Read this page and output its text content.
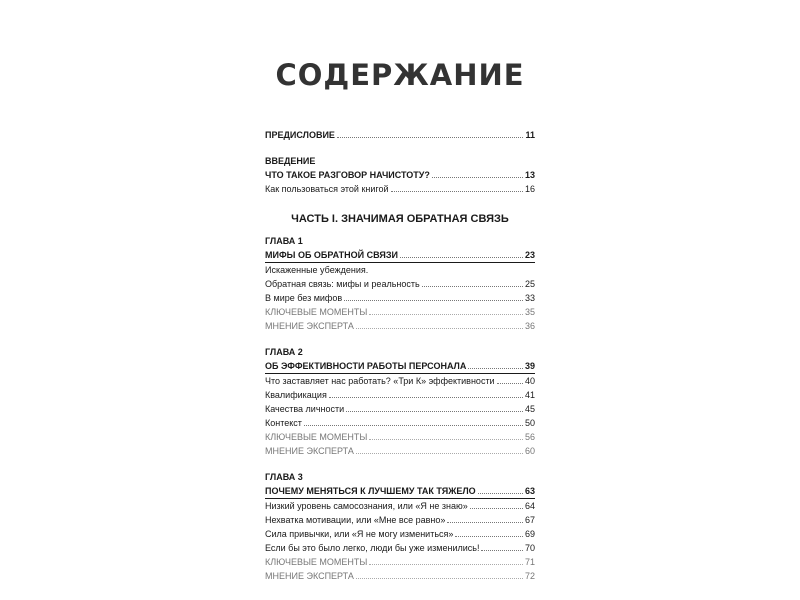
СОДЕРЖАНИЕ
ПРЕДИСЛОВИЕ	11
ВВЕДЕНИЕ
ЧТО ТАКОЕ РАЗГОВОР НАЧИСТОТУ?	13
Как пользоваться этой книгой	16
ЧАСТЬ I. ЗНАЧИМАЯ ОБРАТНАЯ СВЯЗЬ
ГЛАВА 1
МИФЫ ОБ ОБРАТНОЙ СВЯЗИ	23
Искаженные убеждения.
Обратная связь: мифы и реальность	25
В мире без мифов	33
КЛЮЧЕВЫЕ МОМЕНТЫ	35
МНЕНИЕ ЭКСПЕРТА	36
ГЛАВА 2
ОБ ЭФФЕКТИВНОСТИ РАБОТЫ ПЕРСОНАЛА	39
Что заставляет нас работать? «Три К» эффективности	40
Квалификация	41
Качества личности	45
Контекст	50
КЛЮЧЕВЫЕ МОМЕНТЫ	56
МНЕНИЕ ЭКСПЕРТА	60
ГЛАВА 3
ПОЧЕМУ МЕНЯТЬСЯ К ЛУЧШЕМУ ТАК ТЯЖЕЛО	63
Низкий уровень самосознания, или «Я не знаю»	64
Нехватка мотивации, или «Мне все равно»	67
Сила привычки, или «Я не могу измениться»	69
Если бы это было легко, люди бы уже изменились!	70
КЛЮЧЕВЫЕ МОМЕНТЫ	71
МНЕНИЕ ЭКСПЕРТА	72
